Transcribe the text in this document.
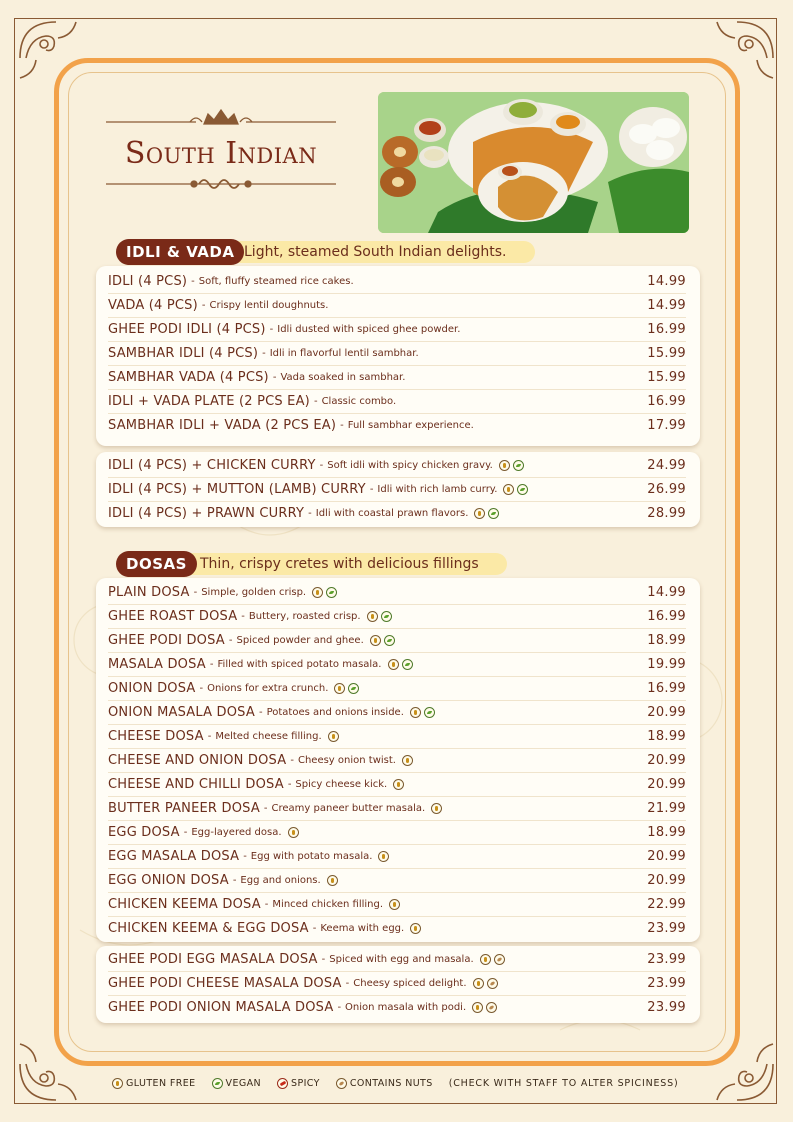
South Indian
Light, steamed South Indian delights.
IDLI & VADA
IDLI (4 PCS) - Soft, fluffy steamed rice cakes.	14.99
VADA (4 PCS) - Crispy lentil doughnuts.	14.99
GHEE PODI IDLI (4 PCS) - Idli dusted with spiced ghee powder.	16.99
SAMBHAR IDLI (4 PCS) - Idli in flavorful lentil sambhar.	15.99
SAMBHAR VADA (4 PCS) - Vada soaked in sambhar.	15.99
IDLI + VADA PLATE (2 PCS EA) - Classic combo.	16.99
SAMBHAR IDLI + VADA (2 PCS EA) - Full sambhar experience.	17.99
IDLI (4 PCS) + CHICKEN CURRY - Soft idli with spicy chicken gravy.	24.99
IDLI (4 PCS) + MUTTON (LAMB) CURRY - Idli with rich lamb curry.	26.99
IDLI (4 PCS) + PRAWN CURRY - Idli with coastal prawn flavors.	28.99
Thin, crispy cretes with delicious fillings
DOSAS
PLAIN DOSA - Simple, golden crisp.	14.99
GHEE ROAST DOSA - Buttery, roasted crisp.	16.99
GHEE PODI DOSA - Spiced powder and ghee.	18.99
MASALA DOSA - Filled with spiced potato masala.	19.99
ONION DOSA - Onions for extra crunch.	16.99
ONION MASALA DOSA - Potatoes and onions inside.	20.99
CHEESE DOSA - Melted cheese filling.	18.99
CHEESE AND ONION DOSA - Cheesy onion twist.	20.99
CHEESE AND CHILLI DOSA - Spicy cheese kick.	20.99
BUTTER PANEER DOSA - Creamy paneer butter masala.	21.99
EGG DOSA - Egg-layered dosa.	18.99
EGG MASALA DOSA - Egg with potato masala.	20.99
EGG ONION DOSA - Egg and onions.	20.99
CHICKEN KEEMA DOSA - Minced chicken filling.	22.99
CHICKEN KEEMA & EGG DOSA - Keema with egg.	23.99
GHEE PODI EGG MASALA DOSA - Spiced with egg and masala.	23.99
GHEE PODI CHEESE MASALA DOSA - Cheesy spiced delight.	23.99
GHEE PODI ONION MASALA DOSA - Onion masala with podi.	23.99
GLUTEN FREE	VEGAN	SPICY	CONTAINS NUTS (CHECK WITH STAFF TO ALTER SPICINESS)
